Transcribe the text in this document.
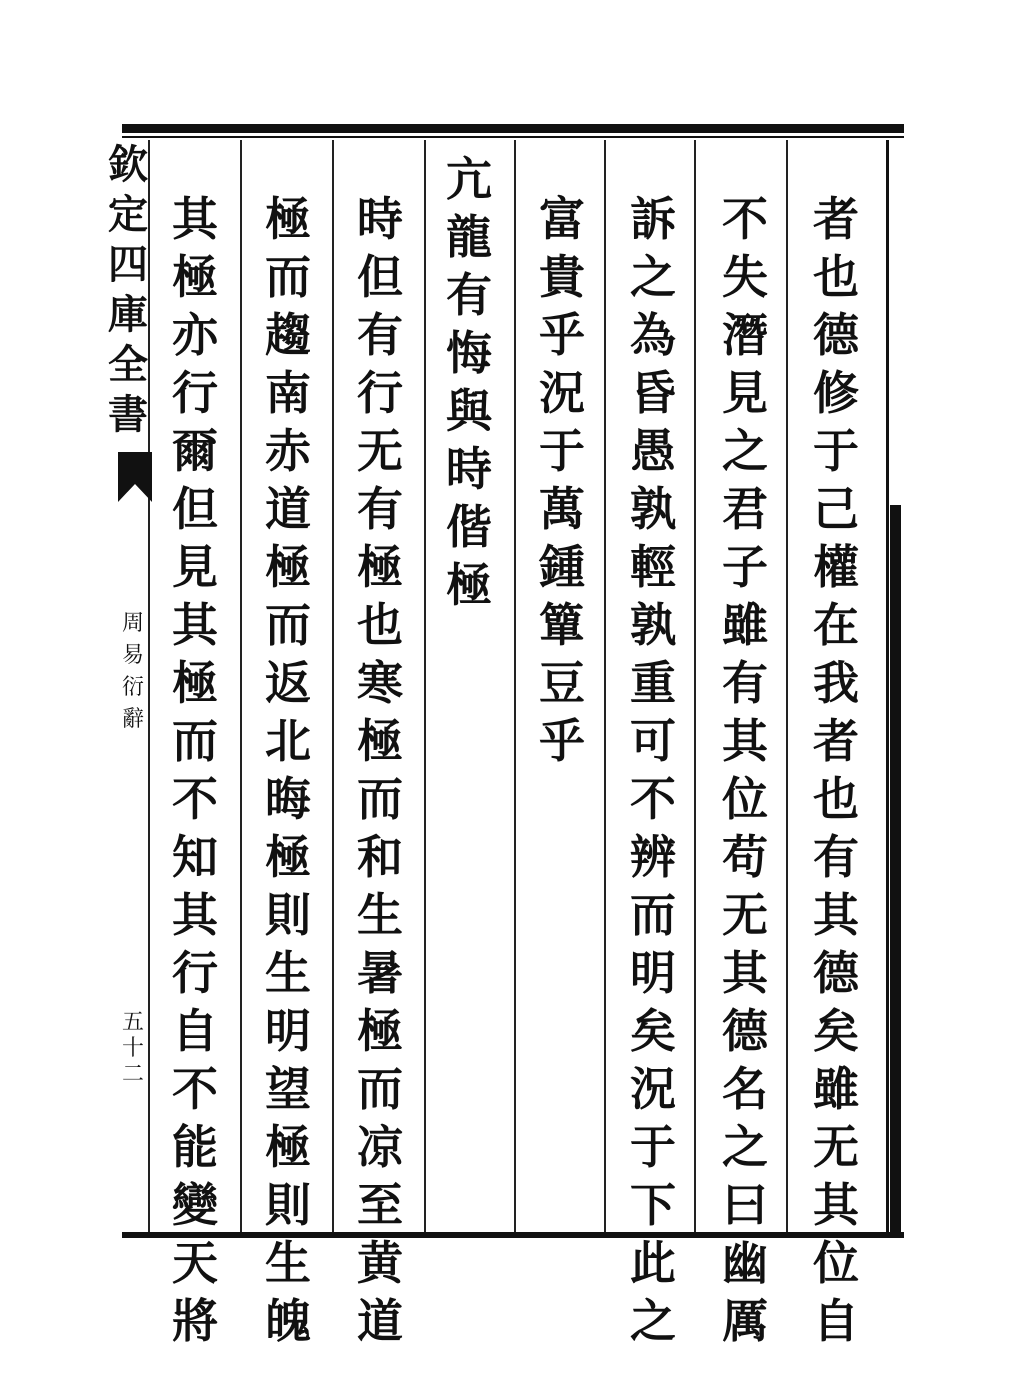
欽
定
四
庫
全
書
周
易
衍
辭
五
十
二
者
也
德
修
于
己
權
在
我
者
也
有
其
德
矣
雖
无
其
位
自
不
失
潛
見
之
君
子
雖
有
其
位
苟
无
其
德
名
之
曰
幽
厲
訴
之
為
昏
愚
孰
輕
孰
重
可
不
辨
而
明
矣
況
于
下
此
之
富
貴
乎
況
于
萬
鍾
簞
豆
乎
亢
龍
有
悔
與
時
偕
極
時
但
有
行
无
有
極
也
寒
極
而
和
生
暑
極
而
凉
至
黄
道
極
而
趨
南
赤
道
極
而
返
北
晦
極
則
生
明
望
極
則
生
魄
其
極
亦
行
爾
但
見
其
極
而
不
知
其
行
自
不
能
變
天
將
